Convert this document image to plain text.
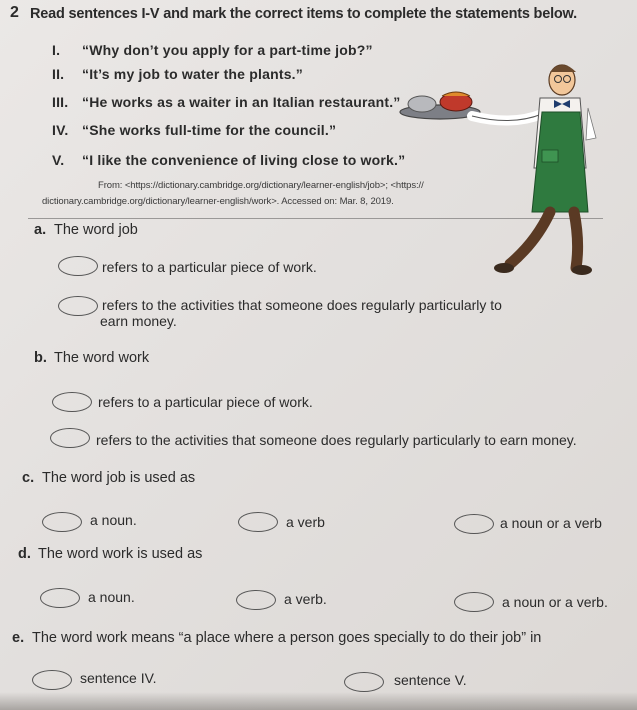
2 Read sentences I-V and mark the correct items to complete the statements below.
I. “Why don’t you apply for a part-time job?”
II. “It’s my job to water the plants.”
III. “He works as a waiter in an Italian restaurant.”
IV. “She works full-time for the council.”
V. “I like the convenience of living close to work.”
From: <https://dictionary.cambridge.org/dictionary/learner-english/job>; <https://
dictionary.cambridge.org/dictionary/learner-english/work>. Accessed on: Mar. 8, 2019.
a. The word job
refers to a particular piece of work.
refers to the activities that someone does regularly particularly to
earn money.
b. The word work
refers to a particular piece of work.
refers to the activities that someone does regularly particularly to earn money.
c. The word job is used as
a noun.	a verb	a noun or a verb
d. The word work is used as
a noun.	a verb.	a noun or a verb.
e. The word work means “a place where a person goes specially to do their job” in
sentence IV.	sentence V.
